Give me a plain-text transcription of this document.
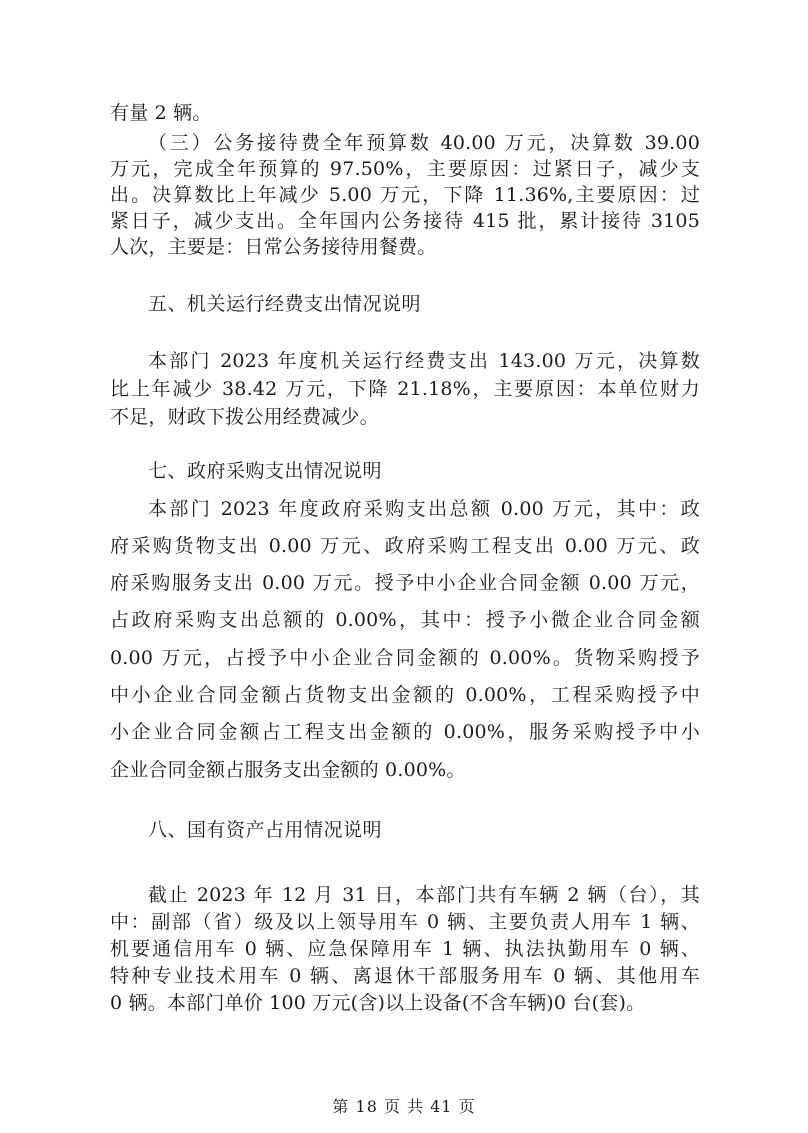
有量 2 辆。
（三）公务接待费全年预算数 40.00 万元，决算数 39.00
万元，完成全年预算的 97.50%，主要原因：过紧日子，减少支
出。决算数比上年减少 5.00 万元，下降 11.36%,主要原因：过
紧日子，减少支出。全年国内公务接待 415 批，累计接待 3105
人次，主要是：日常公务接待用餐费。
五、机关运行经费支出情况说明
本部门 2023 年度机关运行经费支出 143.00 万元，决算数
比上年减少 38.42 万元，下降 21.18%，主要原因：本单位财力
不足，财政下拨公用经费减少。
七、政府采购支出情况说明
本部门 2023 年度政府采购支出总额 0.00 万元，其中：政
府采购货物支出 0.00 万元、政府采购工程支出 0.00 万元、政
府采购服务支出 0.00 万元。授予中小企业合同金额 0.00 万元，
占政府采购支出总额的 0.00%，其中：授予小微企业合同金额
0.00 万元，占授予中小企业合同金额的 0.00%。货物采购授予
中小企业合同金额占货物支出金额的 0.00%，工程采购授予中
小企业合同金额占工程支出金额的 0.00%，服务采购授予中小
企业合同金额占服务支出金额的 0.00%。
八、国有资产占用情况说明
截止 2023 年 12 月 31 日，本部门共有车辆 2 辆（台），其
中：副部（省）级及以上领导用车 0 辆、主要负责人用车 1 辆、
机要通信用车 0 辆、应急保障用车 1 辆、执法执勤用车 0 辆、
特种专业技术用车 0 辆、离退休干部服务用车 0 辆、其他用车
0 辆。本部门单价 100 万元(含)以上设备(不含车辆)0 台(套)。
第 18 页 共 41 页
